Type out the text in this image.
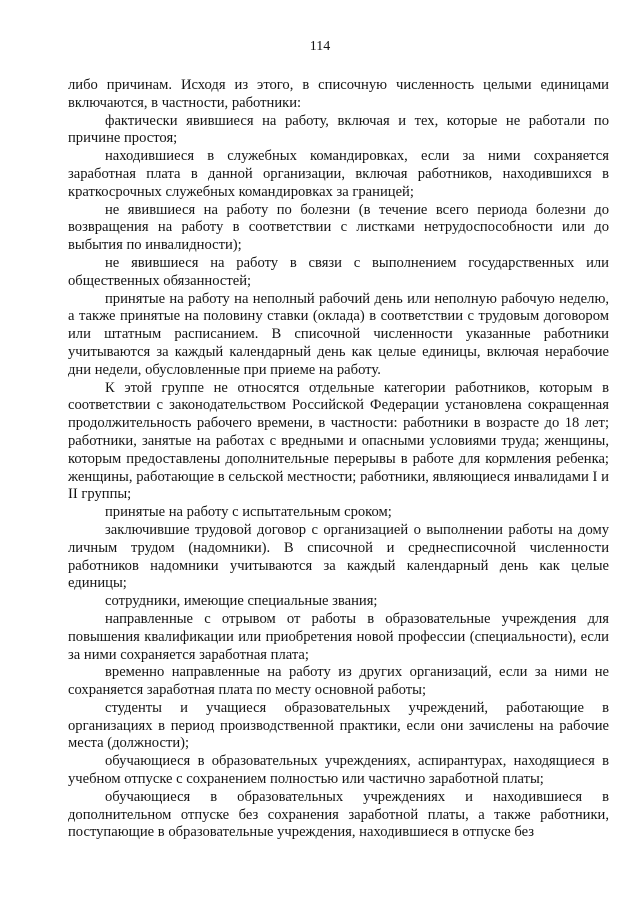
114

либо причинам. Исходя из этого, в списочную численность целыми единицами включаются, в частности, работники:

фактически явившиеся на работу, включая и тех, которые не работали по причине простоя;

находившиеся в служебных командировках, если за ними сохраняется заработная плата в данной организации, включая работников, находившихся в краткосрочных служебных командировках за границей;

не явившиеся на работу по болезни (в течение всего периода болезни до возвращения на работу в соответствии с листками нетрудоспособности или до выбытия по инвалидности);

не явившиеся на работу в связи с выполнением государственных или общественных обязанностей;

принятые на работу на неполный рабочий день или неполную рабочую неделю, а также принятые на половину ставки (оклада) в соответствии с трудовым договором или штатным расписанием. В списочной численности указанные работники учитываются за каждый календарный день как целые единицы, включая нерабочие дни недели, обусловленные при приеме на работу.

К этой группе не относятся отдельные категории работников, которым в соответствии с законодательством Российской Федерации установлена сокращенная продолжительность рабочего времени, в частности: работники в возрасте до 18 лет; работники, занятые на работах с вредными и опасными условиями труда; женщины, которым предоставлены дополнительные перерывы в работе для кормления ребенка; женщины, работающие в сельской местности; работники, являющиеся инвалидами I и II группы;

принятые на работу с испытательным сроком;

заключившие трудовой договор с организацией о выполнении работы на дому личным трудом (надомники). В списочной и среднесписочной численности работников надомники учитываются за каждый календарный день как целые единицы;

сотрудники, имеющие специальные звания;

направленные с отрывом от работы в образовательные учреждения для повышения квалификации или приобретения новой профессии (специальности), если за ними сохраняется заработная плата;

временно направленные на работу из других организаций, если за ними не сохраняется заработная плата по месту основной работы;

студенты и учащиеся образовательных учреждений, работающие в организациях в период производственной практики, если они зачислены на рабочие места (должности);

обучающиеся в образовательных учреждениях, аспирантурах, находящиеся в учебном отпуске с сохранением полностью или частично заработной платы;

обучающиеся в образовательных учреждениях и находившиеся в дополнительном отпуске без сохранения заработной платы, а также работники, поступающие в образовательные учреждения, находившиеся в отпуске без
